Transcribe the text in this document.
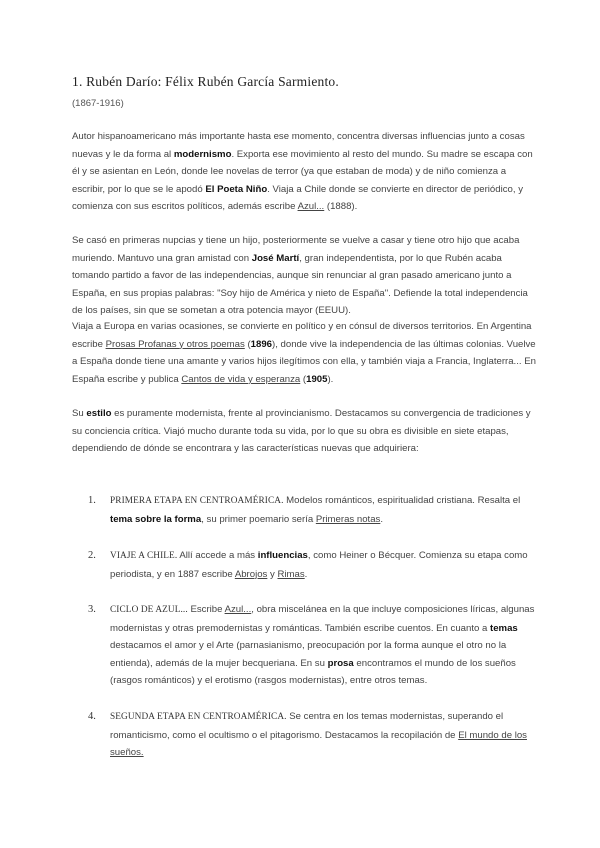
1. Rubén Darío: Félix Rubén García Sarmiento.
(1867-1916)

Autor hispanoamericano más importante hasta ese momento, concentra diversas influencias junto a cosas nuevas y le da forma al modernismo. Exporta ese movimiento al resto del mundo. Su madre se escapa con él y se asientan en León, donde lee novelas de terror (ya que estaban de moda) y de niño comienza a escribir, por lo que se le apodó El Poeta Niño. Viaja a Chile donde se convierte en director de periódico, y comienza con sus escritos políticos, además escribe Azul... (1888).

Se casó en primeras nupcias y tiene un hijo, posteriormente se vuelve a casar y tiene otro hijo que acaba muriendo. Mantuvo una gran amistad con José Martí, gran independentista, por lo que Rubén acaba tomando partido a favor de las independencias, aunque sin renunciar al gran pasado americano junto a España, en sus propias palabras: "Soy hijo de América y nieto de España". Defiende la total independencia de los países, sin que se sometan a otra potencia mayor (EEUU).

Viaja a Europa en varias ocasiones, se convierte en político y en cónsul de diversos territorios. En Argentina escribe Prosas Profanas y otros poemas (1896), donde vive la independencia de las últimas colonias. Vuelve a España donde tiene una amante y varios hijos ilegítimos con ella, y también viaja a Francia, Inglaterra... En España escribe y publica Cantos de vida y esperanza (1905).

Su estilo es puramente modernista, frente al provincianismo. Destacamos su convergencia de tradiciones y su conciencia crítica. Viajó mucho durante toda su vida, por lo que su obra es divisible en siete etapas, dependiendo de dónde se encontrara y las características nuevas que adquiriera:

1. PRIMERA ETAPA EN CENTROAMÉRICA. Modelos románticos, espiritualidad cristiana. Resalta el tema sobre la forma, su primer poemario sería Primeras notas.
2. VIAJE A CHILE. Allí accede a más influencias, como Heiner o Bécquer. Comienza su etapa como periodista, y en 1887 escribe Abrojos y Rimas.
3. CICLO DE AZUL... Escribe Azul..., obra miscelánea en la que incluye composiciones líricas, algunas modernistas y otras premodernistas y románticas. También escribe cuentos. En cuanto a temas destacamos el amor y el Arte (parnasianismo, preocupación por la forma aunque el otro no la entienda), además de la mujer becqueriana. En su prosa encontramos el mundo de los sueños (rasgos románticos) y el erotismo (rasgos modernistas), entre otros temas.
4. SEGUNDA ETAPA EN CENTROAMÉRICA. Se centra en los temas modernistas, superando el romanticismo, como el ocultismo o el pitagorismo. Destacamos la recopilación de El mundo de los sueños.
